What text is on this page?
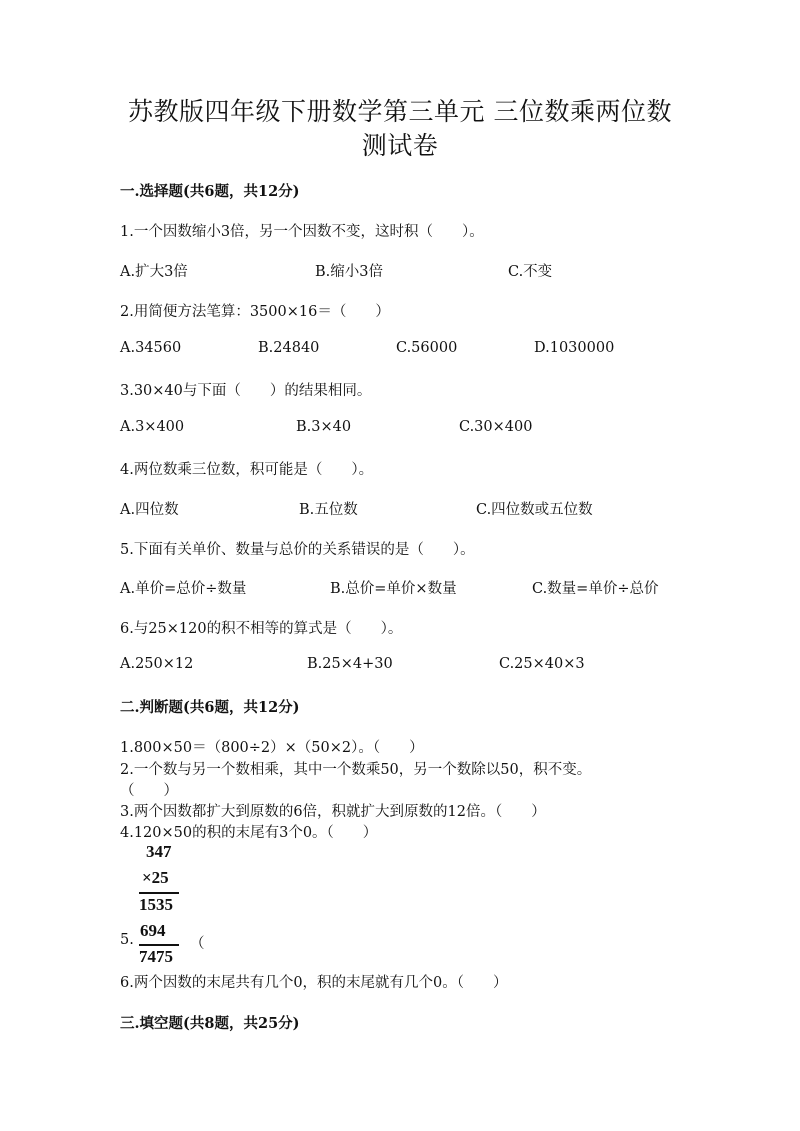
苏教版四年级下册数学第三单元 三位数乘两位数
测试卷
一.选择题(共6题，共12分)
1.一个因数缩小3倍，另一个因数不变，这时积（　　）。
A.扩大3倍	B.缩小3倍	C.不变
2.用简便方法笔算：3500×16＝（　　）
A.34560	B.24840	C.56000	D.1030000
3.30×40与下面（　　）的结果相同。
A.3×400	B.3×40	C.30×400
4.两位数乘三位数，积可能是（　　）。
A.四位数	B.五位数	C.四位数或五位数
5.下面有关单价、数量与总价的关系错误的是（　　）。
A.单价=总价÷数量	B.总价=单价×数量	C.数量=单价÷总价
6.与25×120的积不相等的算式是（　　）。
A.250×12	B.25×4+30	C.25×40×3
二.判断题(共6题，共12分)
1.800×50＝（800÷2）×（50×2）。（　　）
2.一个数与另一个数相乘，其中一个数乘50，另一个数除以50，积不变。
（　　）
3.两个因数都扩大到原数的6倍，积就扩大到原数的12倍。（　　）
4.120×50的积的末尾有3个0。（　　）
347
×25
1535
5. 694
7475
（
6.两个因数的末尾共有几个0，积的末尾就有几个0。（　　）
三.填空题(共8题，共25分)
